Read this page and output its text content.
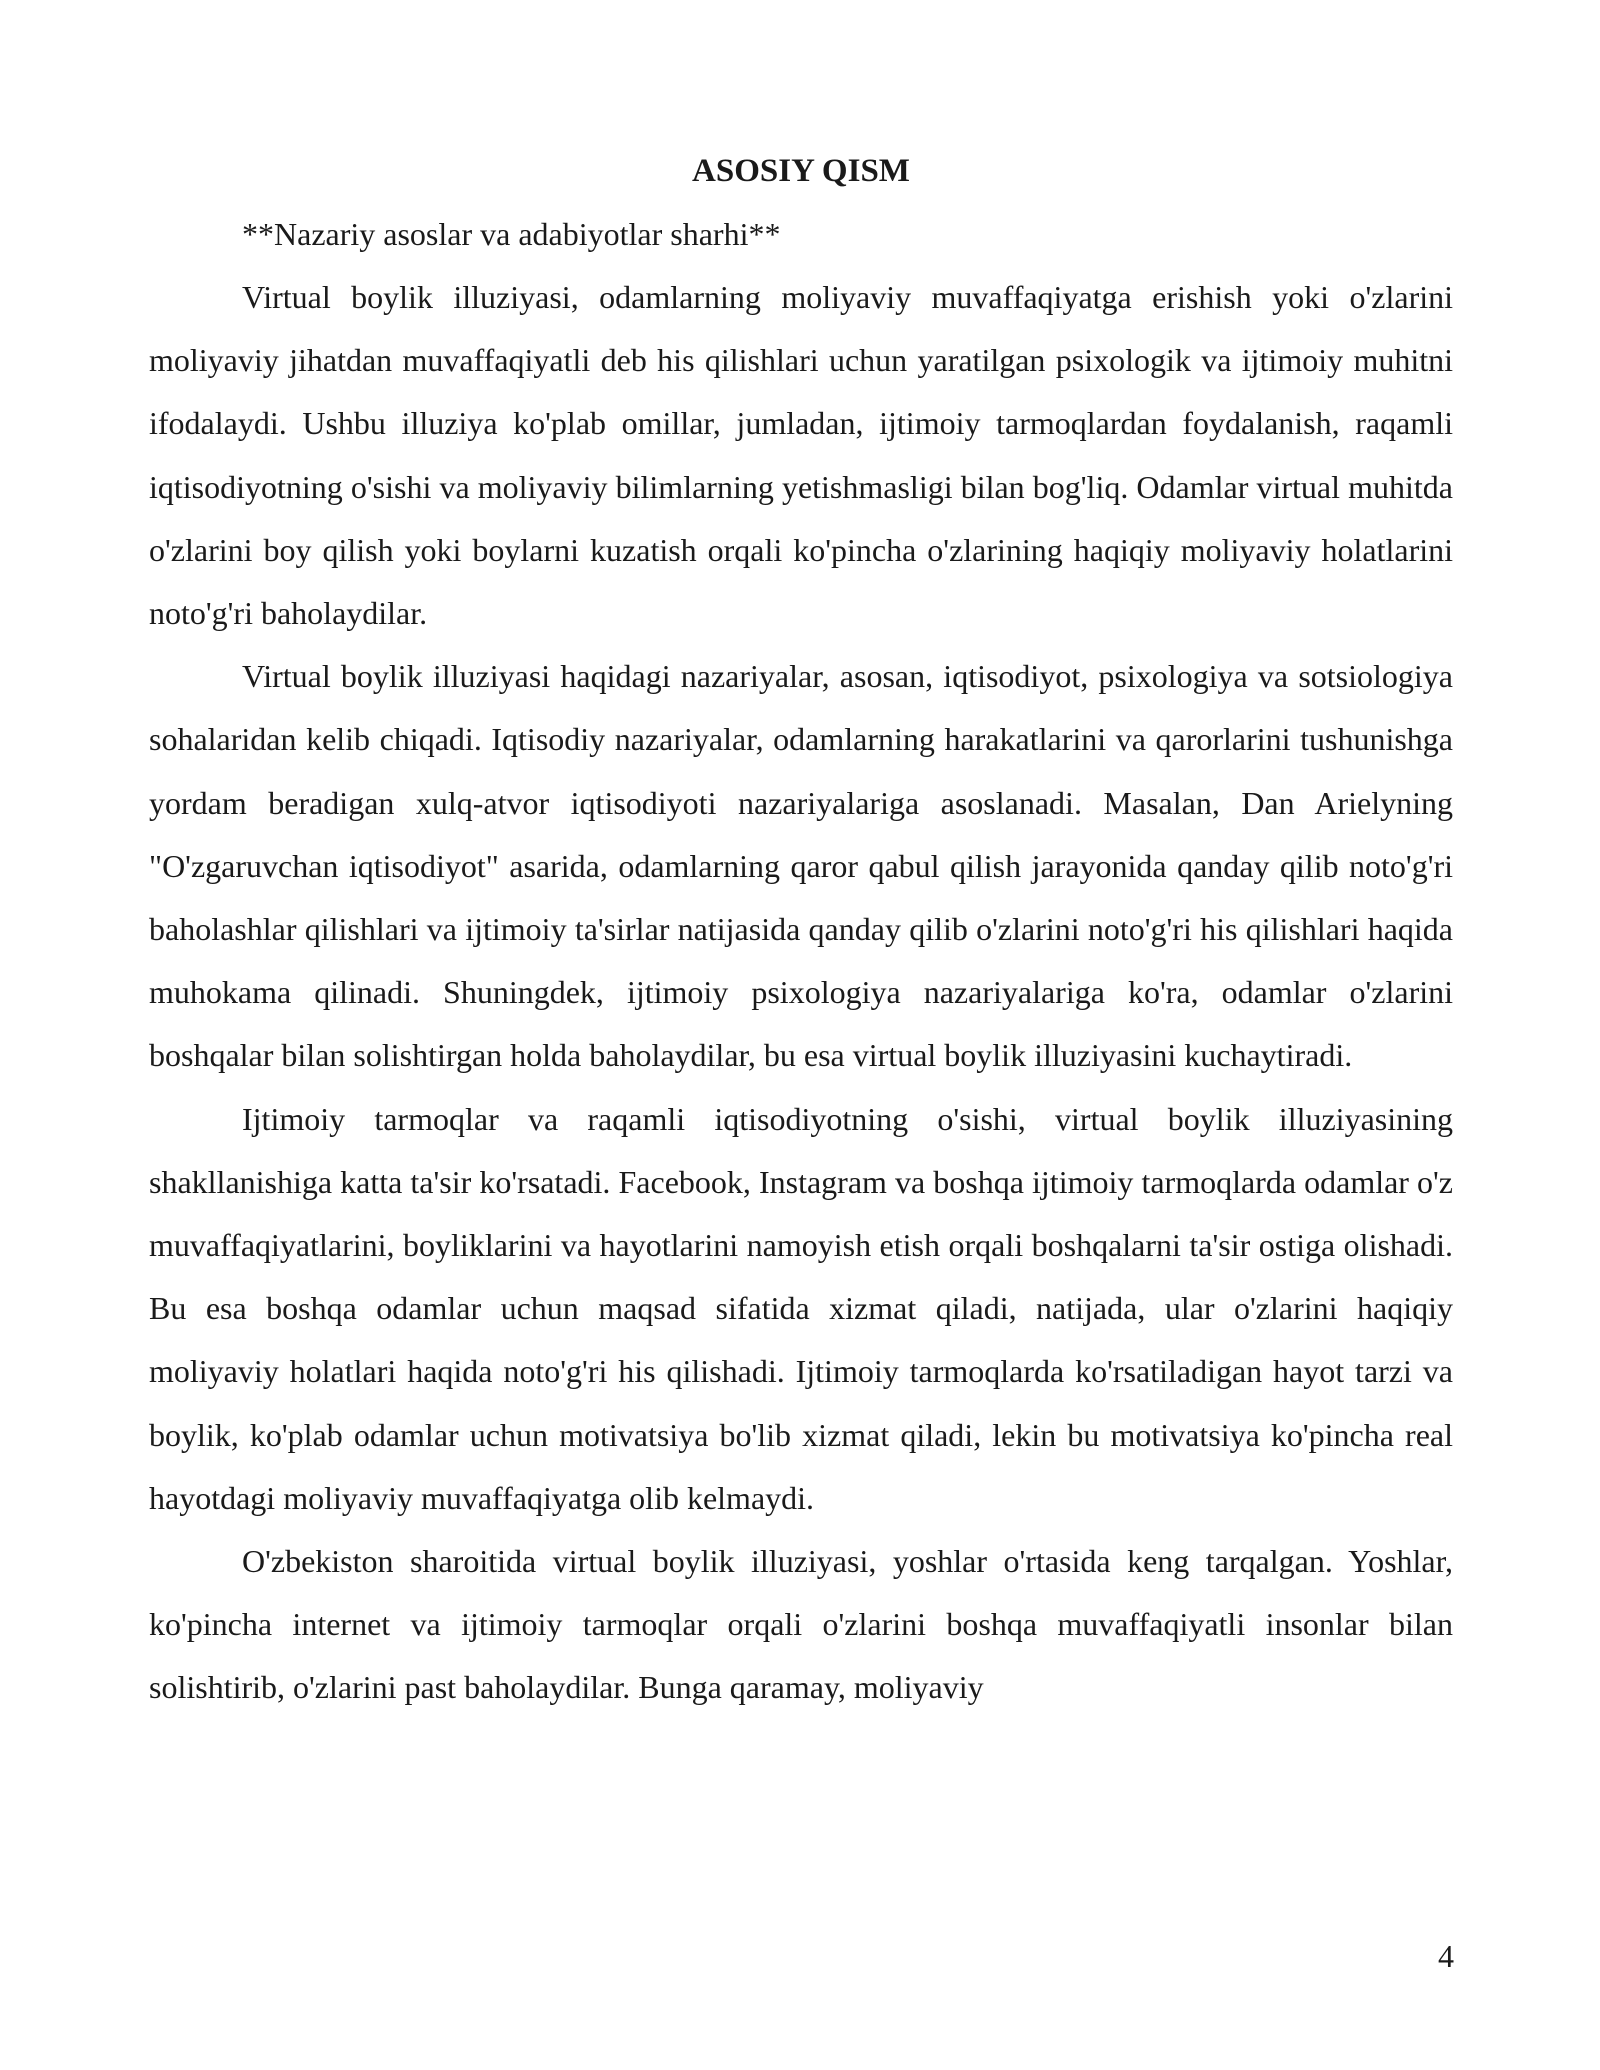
ASOSIY QISM

**Nazariy asoslar va adabiyotlar sharhi**

Virtual boylik illuziyasi, odamlarning moliyaviy muvaffaqiyatga erishish yoki o'zlarini moliyaviy jihatdan muvaffaqiyatli deb his qilishlari uchun yaratilgan psixologik va ijtimoiy muhitni ifodalaydi. Ushbu illuziya ko'plab omillar, jumladan, ijtimoiy tarmoqlardan foydalanish, raqamli iqtisodiyotning o'sishi va moliyaviy bilimlarning yetishmasligi bilan bog'liq. Odamlar virtual muhitda o'zlarini boy qilish yoki boylarni kuzatish orqali ko'pincha o'zlarining haqiqiy moliyaviy holatlarini noto'g'ri baholaydilar.

Virtual boylik illuziyasi haqidagi nazariyalar, asosan, iqtisodiyot, psixologiya va sotsiologiya sohalaridan kelib chiqadi. Iqtisodiy nazariyalar, odamlarning harakatlarini va qarorlarini tushunishga yordam beradigan xulq-atvor iqtisodiyoti nazariyalariga asoslanadi. Masalan, Dan Arielyning "O'zgaruvchan iqtisodiyot" asarida, odamlarning qaror qabul qilish jarayonida qanday qilib noto'g'ri baholashlar qilishlari va ijtimoiy ta'sirlar natijasida qanday qilib o'zlarini noto'g'ri his qilishlari haqida muhokama qilinadi. Shuningdek, ijtimoiy psixologiya nazariyalariga ko'ra, odamlar o'zlarini boshqalar bilan solishtirgan holda baholaydilar, bu esa virtual boylik illuziyasini kuchaytiradi.

Ijtimoiy tarmoqlar va raqamli iqtisodiyotning o'sishi, virtual boylik illuziyasining shakllanishiga katta ta'sir ko'rsatadi. Facebook, Instagram va boshqa ijtimoiy tarmoqlarda odamlar o'z muvaffaqiyatlarini, boyliklarini va hayotlarini namoyish etish orqali boshqalarni ta'sir ostiga olishadi. Bu esa boshqa odamlar uchun maqsad sifatida xizmat qiladi, natijada, ular o'zlarini haqiqiy moliyaviy holatlari haqida noto'g'ri his qilishadi. Ijtimoiy tarmoqlarda ko'rsatiladigan hayot tarzi va boylik, ko'plab odamlar uchun motivatsiya bo'lib xizmat qiladi, lekin bu motivatsiya ko'pincha real hayotdagi moliyaviy muvaffaqiyatga olib kelmaydi.

O'zbekiston sharoitida virtual boylik illuziyasi, yoshlar o'rtasida keng tarqalgan. Yoshlar, ko'pincha internet va ijtimoiy tarmoqlar orqali o'zlarini boshqa muvaffaqiyatli insonlar bilan solishtirib, o'zlarini past baholaydilar. Bunga qaramay, moliyaviy

4
